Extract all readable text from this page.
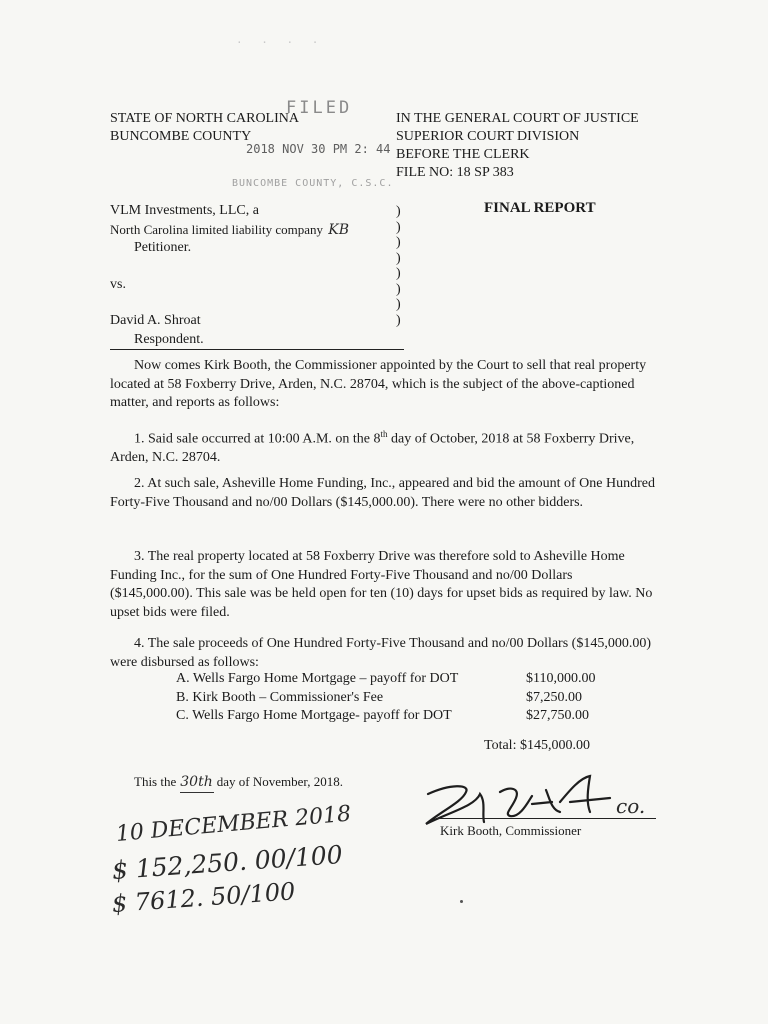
· · · ·
STATE OF NORTH CAROLINA
BUNCOMBE COUNTY
IN THE GENERAL COURT OF JUSTICE
SUPERIOR COURT DIVISION
BEFORE THE CLERK
FILE NO: 18 SP 383
FILED
2018 NOV 30 PM 2: 44
BUNCOMBE COUNTY, C.S.C.
VLM Investments, LLC, a
North Carolina limited liability company KB
Petitioner.
vs.
David A. Shroat
Respondent.
)
)
)
)
)
)
)
)
FINAL REPORT
Now comes Kirk Booth, the Commissioner appointed by the Court to sell that real property located at 58 Foxberry Drive, Arden, N.C. 28704, which is the subject of the above-captioned matter, and reports as follows:
1. Said sale occurred at 10:00 A.M. on the 8th day of October, 2018 at 58 Foxberry Drive, Arden, N.C. 28704.
2. At such sale, Asheville Home Funding, Inc., appeared and bid the amount of One Hundred Forty-Five Thousand and no/00 Dollars ($145,000.00). There were no other bidders.
3. The real property located at 58 Foxberry Drive was therefore sold to Asheville Home Funding Inc., for the sum of One Hundred Forty-Five Thousand and no/00 Dollars ($145,000.00). This sale was be held open for ten (10) days for upset bids as required by law. No upset bids were filed.
4. The sale proceeds of One Hundred Forty-Five Thousand and no/00 Dollars ($145,000.00) were disbursed as follows:
A. Wells Fargo Home Mortgage – payoff for DOT	$110,000.00
B. Kirk Booth – Commissioner's Fee	$7,250.00
C. Wells Fargo Home Mortgage- payoff for DOT	$27,750.00
Total: $145,000.00
This the 30th day of November, 2018.
co.
Kirk Booth, Commissioner
10 DECEMBER 2018
$ 152,250. 00/100
$ 7612. 50/100
